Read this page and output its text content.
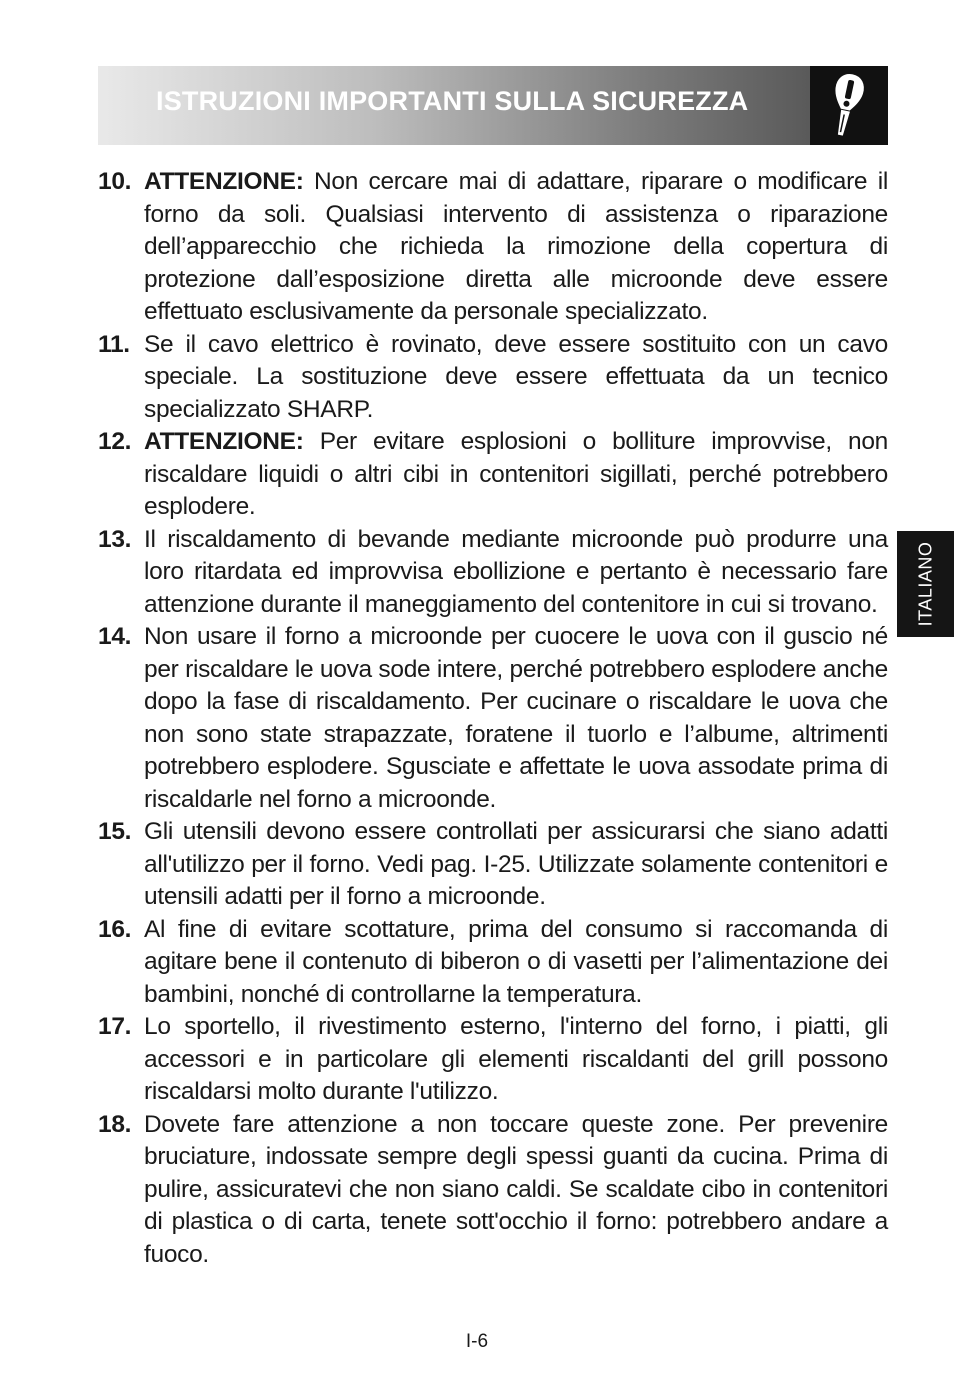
ISTRUZIONI IMPORTANTI SULLA SICUREZZA
10. ATTENZIONE: Non cercare mai di adattare, riparare o modificare il forno da soli. Qualsiasi intervento di assistenza o riparazione dell’apparecchio che richieda la rimozione della copertura di protezione dall’esposizione diretta alle microonde deve essere effettuato esclusivamente da personale specializzato.
11. Se il cavo elettrico è rovinato, deve essere sostituito con un cavo speciale. La sostituzione deve essere effettuata da un tecnico specializzato SHARP.
12. ATTENZIONE: Per evitare esplosioni o bolliture improvvise, non riscaldare liquidi o altri cibi in contenitori sigillati, perché potrebbero esplodere.
13. Il riscaldamento di bevande mediante microonde può produrre una loro ritardata ed improvvisa ebollizione e pertanto è necessario fare attenzione durante il maneggiamento del contenitore in cui si trovano.
14. Non usare il forno a microonde per cuocere le uova con il guscio né per riscaldare le uova sode intere, perché potrebbero esplodere anche dopo la fase di riscaldamento. Per cucinare o riscaldare le uova che non sono state strapazzate, foratene il tuorlo e l’albume, altrimenti potrebbero esplodere. Sgusciate e affettate le uova assodate prima di riscaldarle nel forno a microonde.
15. Gli utensili devono essere controllati per assicurarsi che siano adatti all'utilizzo per il forno. Vedi pag. I-25. Utilizzate solamente contenitori e utensili adatti per il forno a microonde.
16. Al fine di evitare scottature, prima del consumo si raccomanda di agitare bene il contenuto di biberon o di vasetti per l’alimentazione dei bambini, nonché di controllarne la temperatura.
17. Lo sportello, il rivestimento esterno, l'interno del forno, i piatti, gli accessori e in particolare gli elementi riscaldanti del grill possono riscaldarsi molto durante l'utilizzo.
18. Dovete fare attenzione a non toccare queste zone. Per prevenire bruciature, indossate sempre degli spessi guanti da cucina. Prima di pulire, assicuratevi che non siano caldi. Se scaldate cibo in contenitori di plastica o di carta, tenete sott'occhio il forno: potrebbero andare a fuoco.
ITALIANO
I-6
